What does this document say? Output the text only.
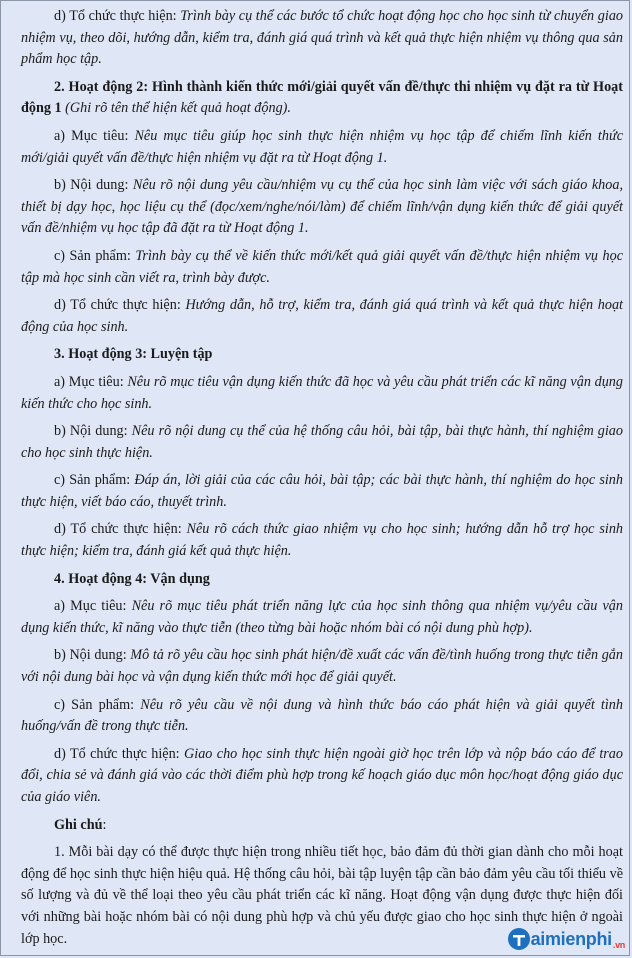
d) Tổ chức thực hiện: Trình bày cụ thể các bước tổ chức hoạt động học cho học sinh từ chuyển giao nhiệm vụ, theo dõi, hướng dẫn, kiểm tra, đánh giá quá trình và kết quả thực hiện nhiệm vụ thông qua sản phẩm học tập.

2. Hoạt động 2: Hình thành kiến thức mới/giải quyết vấn đề/thực thi nhiệm vụ đặt ra từ Hoạt động 1 (Ghi rõ tên thể hiện kết quả hoạt động).

a) Mục tiêu: Nêu mục tiêu giúp học sinh thực hiện nhiệm vụ học tập để chiếm lĩnh kiến thức mới/giải quyết vấn đề/thực hiện nhiệm vụ đặt ra từ Hoạt động 1.

b) Nội dung: Nêu rõ nội dung yêu cầu/nhiệm vụ cụ thể của học sinh làm việc với sách giáo khoa, thiết bị dạy học, học liệu cụ thể (đọc/xem/nghe/nói/làm) để chiếm lĩnh/vận dụng kiến thức để giải quyết vấn đề/nhiệm vụ học tập đã đặt ra từ Hoạt động 1.

c) Sản phẩm: Trình bày cụ thể về kiến thức mới/kết quả giải quyết vấn đề/thực hiện nhiệm vụ học tập mà học sinh cần viết ra, trình bày được.

d) Tổ chức thực hiện: Hướng dẫn, hỗ trợ, kiểm tra, đánh giá quá trình và kết quả thực hiện hoạt động của học sinh.

3. Hoạt động 3: Luyện tập

a) Mục tiêu: Nêu rõ mục tiêu vận dụng kiến thức đã học và yêu cầu phát triển các kĩ năng vận dụng kiến thức cho học sinh.

b) Nội dung: Nêu rõ nội dung cụ thể của hệ thống câu hỏi, bài tập, bài thực hành, thí nghiệm giao cho học sinh thực hiện.

c) Sản phẩm: Đáp án, lời giải của các câu hỏi, bài tập; các bài thực hành, thí nghiệm do học sinh thực hiện, viết báo cáo, thuyết trình.

d) Tổ chức thực hiện: Nêu rõ cách thức giao nhiệm vụ cho học sinh; hướng dẫn hỗ trợ học sinh thực hiện; kiểm tra, đánh giá kết quả thực hiện.

4. Hoạt động 4: Vận dụng

a) Mục tiêu: Nêu rõ mục tiêu phát triển năng lực của học sinh thông qua nhiệm vụ/yêu cầu vận dụng kiến thức, kĩ năng vào thực tiễn (theo từng bài hoặc nhóm bài có nội dung phù hợp).

b) Nội dung: Mô tả rõ yêu cầu học sinh phát hiện/đề xuất các vấn đề/tình huống trong thực tiễn gắn với nội dung bài học và vận dụng kiến thức mới học để giải quyết.

c) Sản phẩm: Nêu rõ yêu cầu về nội dung và hình thức báo cáo phát hiện và giải quyết tình huống/vấn đề trong thực tiễn.

d) Tổ chức thực hiện: Giao cho học sinh thực hiện ngoài giờ học trên lớp và nộp báo cáo để trao đổi, chia sẻ và đánh giá vào các thời điểm phù hợp trong kế hoạch giáo dục môn học/hoạt động giáo dục của giáo viên.

Ghi chú:

1. Mỗi bài dạy có thể được thực hiện trong nhiều tiết học, bảo đảm đủ thời gian dành cho mỗi hoạt động để học sinh thực hiện hiệu quả. Hệ thống câu hỏi, bài tập luyện tập cần bảo đảm yêu cầu tối thiểu về số lượng và đủ về thể loại theo yêu cầu phát triển các kĩ năng. Hoạt động vận dụng được thực hiện đối với những bài hoặc nhóm bài có nội dung phù hợp và chủ yếu được giao cho học sinh thực hiện ở ngoài lớp học.	aimienphi.vn
